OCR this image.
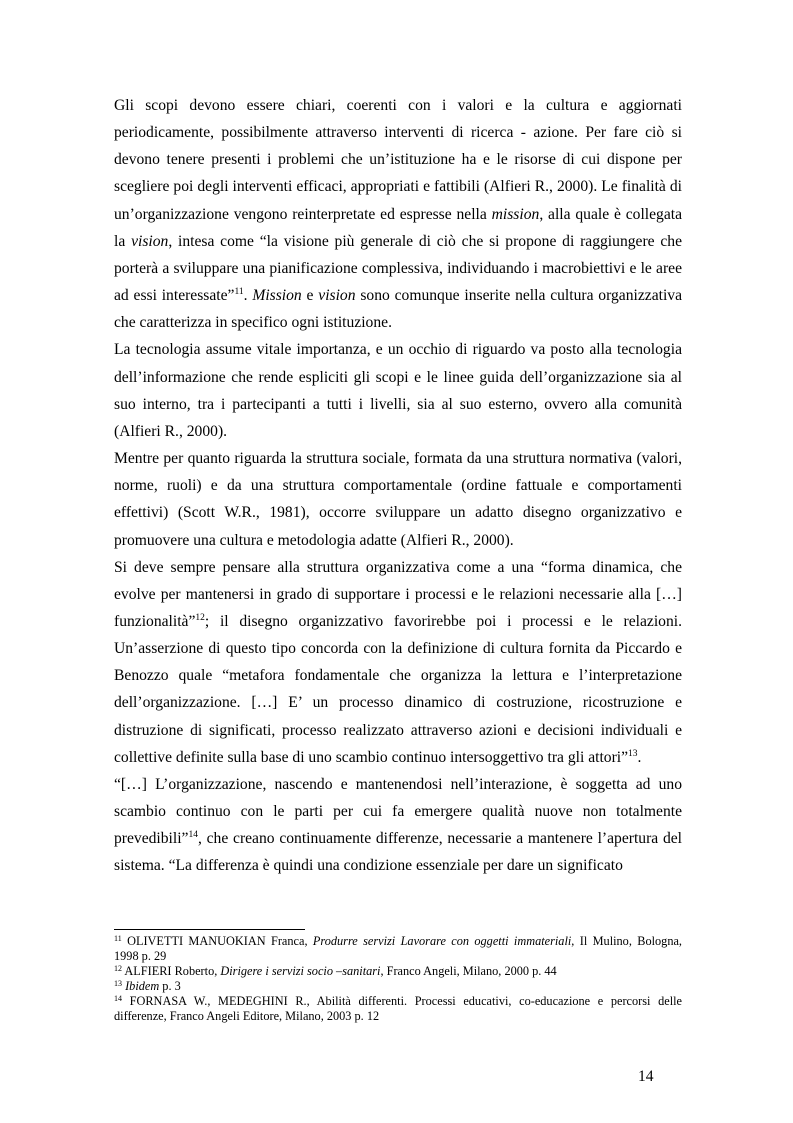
Gli scopi devono essere chiari, coerenti con i valori e la cultura e aggiornati periodicamente, possibilmente attraverso interventi di ricerca - azione. Per fare ciò si devono tenere presenti i problemi che un’istituzione ha e le risorse di cui dispone per scegliere poi degli interventi efficaci, appropriati e fattibili (Alfieri R., 2000). Le finalità di un’organizzazione vengono reinterpretate ed espresse nella mission, alla quale è collegata la vision, intesa come “la visione più generale di ciò che si propone di raggiungere che porterà a sviluppare una pianificazione complessiva, individuando i macrobiettivi e le aree ad essi interessate”$^{11}$. Mission e vision sono comunque inserite nella cultura organizzativa che caratterizza in specifico ogni istituzione.

La tecnologia assume vitale importanza, e un occhio di riguardo va posto alla tecnologia dell’informazione che rende espliciti gli scopi e le linee guida dell’organizzazione sia al suo interno, tra i partecipanti a tutti i livelli, sia al suo esterno, ovvero alla comunità (Alfieri R., 2000).

Mentre per quanto riguarda la struttura sociale, formata da una struttura normativa (valori, norme, ruoli) e da una struttura comportamentale (ordine fattuale e comportamenti effettivi) (Scott W.R., 1981), occorre sviluppare un adatto disegno organizzativo e promuovere una cultura e metodologia adatte (Alfieri R., 2000).

Si deve sempre pensare alla struttura organizzativa come a una “forma dinamica, che evolve per mantenersi in grado di supportare i processi e le relazioni necessarie alla […] funzionalità”$^{12}$; il disegno organizzativo favorirebbe poi i processi e le relazioni. Un’asserzione di questo tipo concorda con la definizione di cultura fornita da Piccardo e Benozzo quale “metafora fondamentale che organizza la lettura e l’interpretazione dell’organizzazione. […] E’ un processo dinamico di costruzione, ricostruzione e distruzione di significati, processo realizzato attraverso azioni e decisioni individuali e collettive definite sulla base di uno scambio continuo intersoggettivo tra gli attori”$^{13}$.

“[…] L’organizzazione, nascendo e mantenendosi nell’interazione, è soggetta ad uno scambio continuo con le parti per cui fa emergere qualità nuove non totalmente prevedibili”$^{14}$, che creano continuamente differenze, necessarie a mantenere l’apertura del sistema. “La differenza è quindi una condizione essenziale per dare un significato

$^{11}$ OLIVETTI MANUOKIAN Franca, Produrre servizi Lavorare con oggetti immateriali, Il Mulino, Bologna, 1998 p. 29

$^{12}$ ALFIERI Roberto, Dirigere i servizi socio –sanitari, Franco Angeli, Milano, 2000 p. 44

$^{13}$ Ibidem p. 3

$^{14}$ FORNASA W., MEDEGHINI R., Abilità differenti. Processi educativi, co-educazione e percorsi delle differenze, Franco Angeli Editore, Milano, 2003 p. 12

14
